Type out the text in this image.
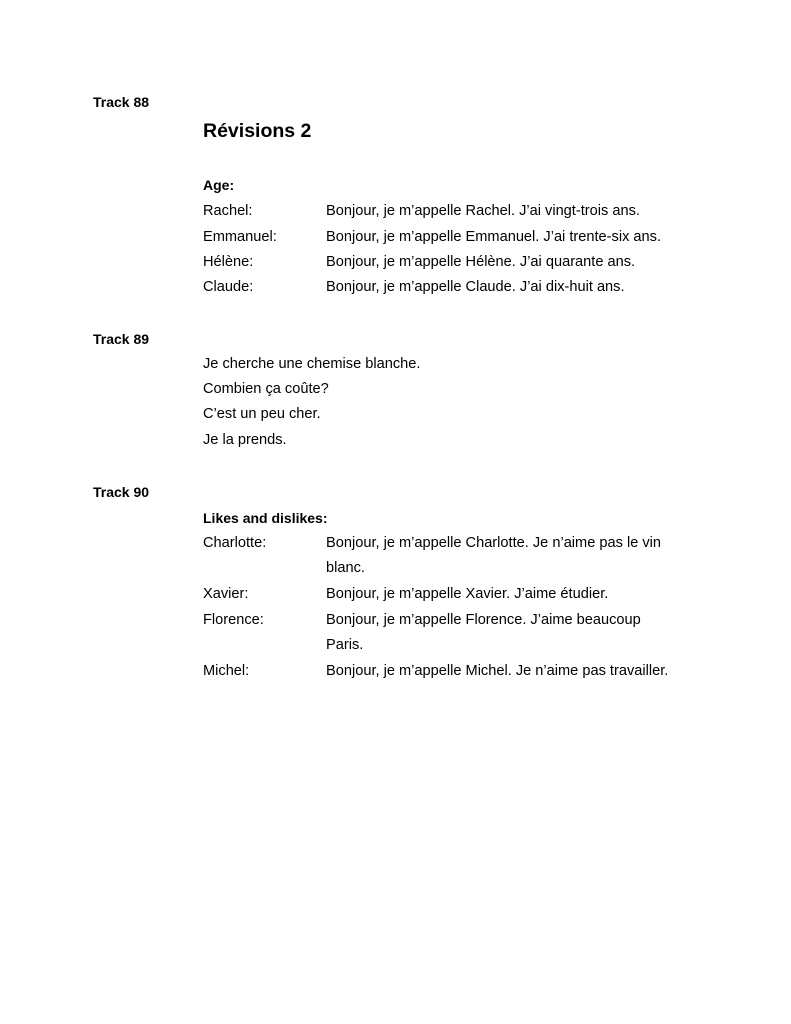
Track 88
Révisions 2
Age:
Rachel:	Bonjour, je m’appelle Rachel. J’ai vingt-trois ans.
Emmanuel:	Bonjour, je m’appelle Emmanuel. J’ai trente-six ans.
Hélène:	Bonjour, je m’appelle Hélène. J’ai quarante ans.
Claude:	Bonjour, je m’appelle Claude. J’ai dix-huit ans.
Track 89
Je cherche une chemise blanche.
Combien ça coûte?
C’est un peu cher.
Je la prends.
Track 90
Likes and dislikes:
Charlotte:	Bonjour, je m’appelle Charlotte. Je n’aime pas le vin
blanc.
Xavier:	Bonjour, je m’appelle Xavier. J’aime étudier.
Florence:	Bonjour, je m’appelle Florence. J’aime beaucoup
Paris.
Michel:	Bonjour, je m’appelle Michel. Je n’aime pas travailler.
